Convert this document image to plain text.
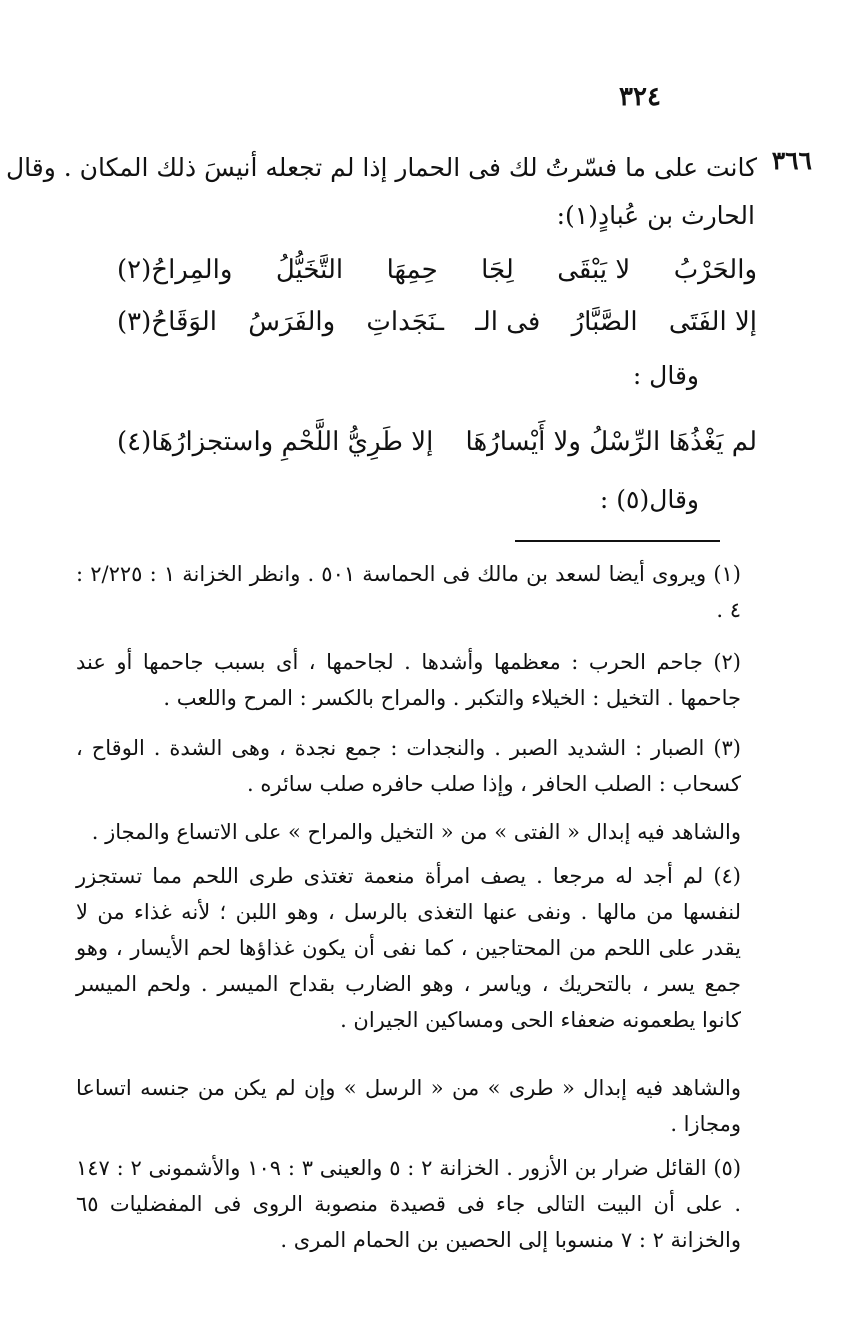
٣٢٤
٣٦٦
كانت على ما فسّرتُ لك فى الحمار إذا لم تجعله أنيسَ ذلك المكان . وقال
الحارث بن عُبادٍ(١):
والحَرْبُ
لا يَبْقَى
لِجَا
حِمِهَا
التَّخَيُّلُ
والمِراحُ(٢)
إلا الفَتَى
الصَّبَّارُ
فى الـ
ـنَجَداتِ
والفَرَسُ
الوَقَاحُ(٣)
وقال :
لم يَغْذُهَا الرِّسْلُ ولا أَيْسارُهَا
إلا طَرِيُّ اللَّحْمِ واستجزارُهَا(٤)
وقال(٥) :

(١) ويروى أيضا لسعد بن مالك فى الحماسة ٥٠١ . وانظر الخزانة ١ : ٢/٢٢٥ : ٤ .

(٢) جاحم الحرب : معظمها وأشدها . لجاحمها ، أى بسبب جاحمها أو عند جاحمها . التخيل : الخيلاء والتكبر . والمراح بالكسر : المرح واللعب .

(٣) الصبار : الشديد الصبر . والنجدات : جمع نجدة ، وهى الشدة . الوقاح ، كسحاب : الصلب الحافر ، وإذا صلب حافره صلب سائره .

والشاهد فيه إبدال « الفتى » من « التخيل والمراح » على الاتساع والمجاز .

(٤) لم أجد له مرجعا . يصف امرأة منعمة تغتذى طرى اللحم مما تستجزر لنفسها من مالها . ونفى عنها التغذى بالرسل ، وهو اللبن ؛ لأنه غذاء من لا يقدر على اللحم من المحتاجين ، كما نفى أن يكون غذاؤها لحم الأيسار ، وهو جمع يسر ، بالتحريك ، وياسر ، وهو الضارب بقداح الميسر . ولحم الميسر كانوا يطعمونه ضعفاء الحى ومساكين الجيران .

والشاهد فيه إبدال « طرى » من « الرسل » وإن لم يكن من جنسه اتساعا ومجازا .

(٥) القائل ضرار بن الأزور . الخزانة ٢ : ٥ والعينى ٣ : ١٠٩ والأشمونى ٢ : ١٤٧ . على أن البيت التالى جاء فى قصيدة منصوبة الروى فى المفضليات ٦٥ والخزانة ٢ : ٧ منسوبا إلى الحصين بن الحمام المرى .
